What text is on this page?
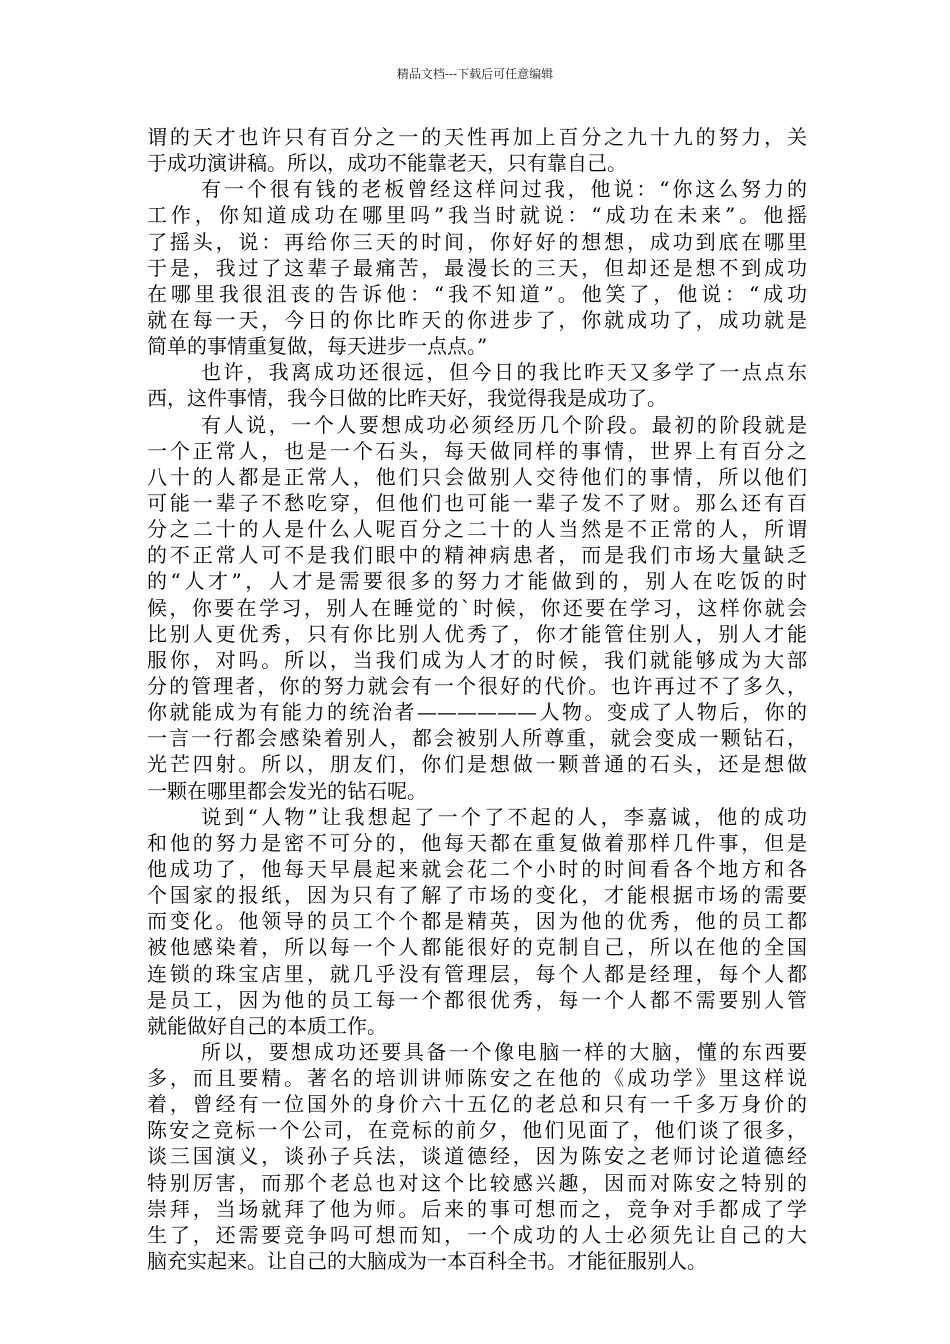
精品文档---下载后可任意编辑
谓的天才也许只有百分之一的天性再加上百分之九十九的努力，关
于成功演讲稿。所以，成功不能靠老天，只有靠自己。
有一个很有钱的老板曾经这样问过我，他说：“你这么努力的
工作，你知道成功在哪里吗”我当时就说：“成功在未来”。他摇
了摇头，说：再给你三天的时间，你好好的想想，成功到底在哪里
于是，我过了这辈子最痛苦，最漫长的三天，但却还是想不到成功
在哪里我很沮丧的告诉他：“我不知道”。他笑了，他说：“成功
就在每一天，今日的你比昨天的你进步了，你就成功了，成功就是
简单的事情重复做，每天进步一点点。”
也许，我离成功还很远，但今日的我比昨天又多学了一点点东
西，这件事情，我今日做的比昨天好，我觉得我是成功了。
有人说，一个人要想成功必须经历几个阶段。最初的阶段就是
一个正常人，也是一个石头，每天做同样的事情，世界上有百分之
八十的人都是正常人，他们只会做别人交待他们的事情，所以他们
可能一辈子不愁吃穿，但他们也可能一辈子发不了财。那么还有百
分之二十的人是什么人呢百分之二十的人当然是不正常的人，所谓
的不正常人可不是我们眼中的精神病患者，而是我们市场大量缺乏
的“人才”，人才是需要很多的努力才能做到的，别人在吃饭的时
候，你要在学习，别人在睡觉的`时候，你还要在学习，这样你就会
比别人更优秀，只有你比别人优秀了，你才能管住别人，别人才能
服你，对吗。所以，当我们成为人才的时候，我们就能够成为大部
分的管理者，你的努力就会有一个很好的代价。也许再过不了多久，
你就能成为有能力的统治者——————人物。变成了人物后，你的
一言一行都会感染着别人，都会被别人所尊重，就会变成一颗钻石，
光芒四射。所以，朋友们，你们是想做一颗普通的石头，还是想做
一颗在哪里都会发光的钻石呢。
说到“人物”让我想起了一个了不起的人，李嘉诚，他的成功
和他的努力是密不可分的，他每天都在重复做着那样几件事，但是
他成功了，他每天早晨起来就会花二个小时的时间看各个地方和各
个国家的报纸，因为只有了解了市场的变化，才能根据市场的需要
而变化。他领导的员工个个都是精英，因为他的优秀，他的员工都
被他感染着，所以每一个人都能很好的克制自己，所以在他的全国
连锁的珠宝店里，就几乎没有管理层，每个人都是经理，每个人都
是员工，因为他的员工每一个都很优秀，每一个人都不需要别人管
就能做好自己的本质工作。
所以，要想成功还要具备一个像电脑一样的大脑，懂的东西要
多，而且要精。著名的培训讲师陈安之在他的《成功学》里这样说
着，曾经有一位国外的身价六十五亿的老总和只有一千多万身价的
陈安之竞标一个公司，在竞标的前夕，他们见面了，他们谈了很多，
谈三国演义，谈孙子兵法，谈道德经，因为陈安之老师讨论道德经
特别厉害，而那个老总也对这个比较感兴趣，因而对陈安之特别的
崇拜，当场就拜了他为师。后来的事可想而之，竞争对手都成了学
生了，还需要竞争吗可想而知，一个成功的人士必须先让自己的大
脑充实起来。让自己的大脑成为一本百科全书。才能征服别人。
